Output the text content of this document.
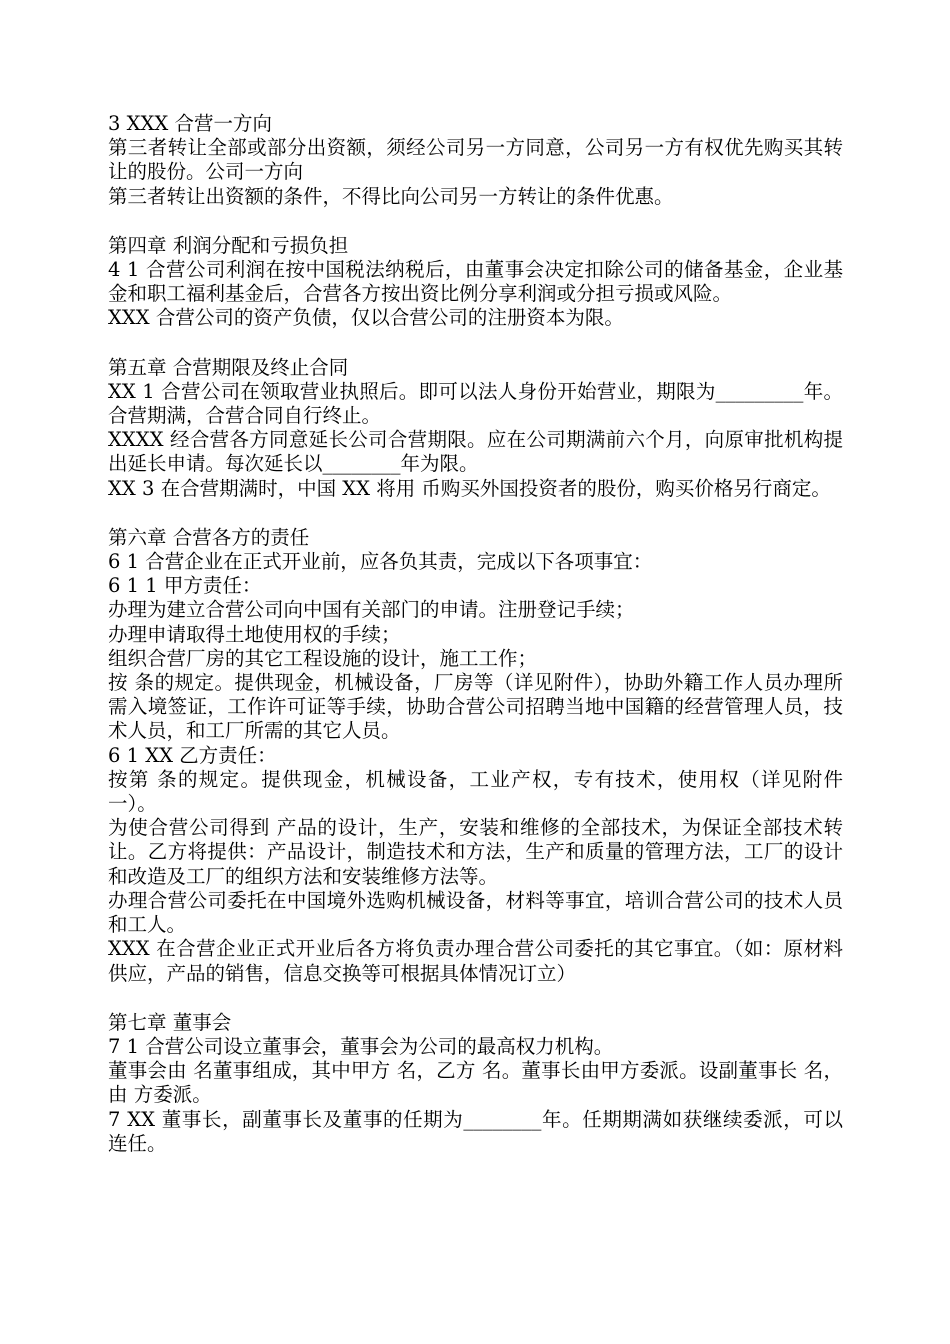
3 XXX 合营一方向

第三者转让全部或部分出资额，须经公司另一方同意，公司另一方有权优先购买其转让的股份。公司一方向

第三者转让出资额的条件，不得比向公司另一方转让的条件优惠。

第四章 利润分配和亏损负担

4 1 合营公司利润在按中国税法纳税后，由董事会决定扣除公司的储备基金，企业基金和职工福利基金后，合营各方按出资比例分享利润或分担亏损或风险。

XXX 合营公司的资产负债，仅以合营公司的注册资本为限。

第五章 合营期限及终止合同

XX 1 合营公司在领取营业执照后。即可以法人身份开始营业，期限为_________年。合营期满，合营合同自行终止。

XXXX 经合营各方同意延长公司合营期限。应在公司期满前六个月，向原审批机构提出延长申请。每次延长以________年为限。

XX 3 在合营期满时，中国 XX 将用 币购买外国投资者的股份，购买价格另行商定。

第六章 合营各方的责任

6 1 合营企业在正式开业前，应各负其责，完成以下各项事宜：

6 1 1 甲方责任：

办理为建立合营公司向中国有关部门的申请。注册登记手续；

办理申请取得土地使用权的手续；

组织合营厂房的其它工程设施的设计，施工工作；

按 条的规定。提供现金，机械设备，厂房等（详见附件），协助外籍工作人员办理所需入境签证，工作许可证等手续，协助合营公司招聘当地中国籍的经营管理人员，技术人员，和工厂所需的其它人员。

6 1 XX 乙方责任：

按第 条的规定。提供现金，机械设备，工业产权，专有技术，使用权（详见附件一）。

为使合营公司得到 产品的设计，生产，安装和维修的全部技术，为保证全部技术转让。乙方将提供：产品设计，制造技术和方法，生产和质量的管理方法，工厂的设计和改造及工厂的组织方法和安装维修方法等。

办理合营公司委托在中国境外选购机械设备，材料等事宜，培训合营公司的技术人员和工人。

XXX 在合营企业正式开业后各方将负责办理合营公司委托的其它事宜。（如：原材料供应，产品的销售，信息交换等可根据具体情况订立）

第七章 董事会

7 1 合营公司设立董事会，董事会为公司的最高权力机构。

董事会由 名董事组成，其中甲方 名，乙方 名。董事长由甲方委派。设副董事长 名，由 方委派。

7 XX 董事长，副董事长及董事的任期为________年。任期期满如获继续委派，可以连任。
